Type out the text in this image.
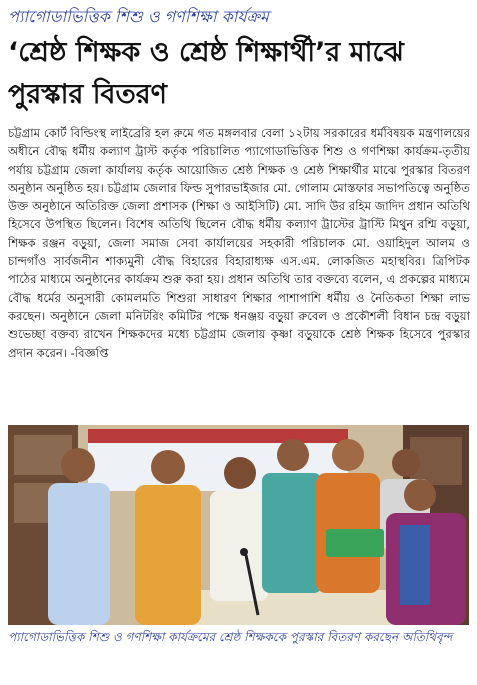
প্যাগোডাভিত্তিক শিশু ও গণশিক্ষা কার্যক্রম
‘শ্রেষ্ঠ শিক্ষক ও শ্রেষ্ঠ শিক্ষার্থী’র মাঝে পুরস্কার বিতরণ
চট্টগ্রাম কোর্ট বিল্ডিংস্থ লাইব্রেরি হল রুমে গত মঙ্গলবার বেলা ১২টায় সরকারের ধর্মবিষয়ক মন্ত্রণালয়ের অধীনে বৌদ্ধ ধর্মীয় কল্যাণ ট্রাস্ট কর্তৃক পরিচালিত প্যাগোডাভিত্তিক শিশু ও গণশিক্ষা কার্যক্রম-তৃতীয় পর্যায় চট্টগ্রাম জেলা কার্যালয় কর্তৃক আয়োজিত শ্রেষ্ঠ শিক্ষক ও শ্রেষ্ঠ শিক্ষার্থীর মাঝে পুরস্কার বিতরণ অনুষ্ঠান অনুষ্ঠিত হয়। চট্টগ্রাম জেলার ফিল্ড সুপারভাইজার মো. গোলাম মোস্তফার সভাপতিত্বে অনুষ্ঠিত উক্ত অনুষ্ঠানে অতিরিক্ত জেলা প্রশাসক (শিক্ষা ও আইসিটি) মো. সাদি উর রহিম জাদিদ প্রধান অতিথি হিসেবে উপস্থিত ছিলেন। বিশেষ অতিথি ছিলেন বৌদ্ধ ধর্মীয় কল্যাণ ট্রাস্টের ট্রাস্টি মিথুন রশ্মি বড়ুয়া, শিক্ষক রঞ্জন বড়ুয়া, জেলা সমাজ সেবা কার্যালয়ের সহকারী পরিচালক মো. ওয়াহিদুল আলম ও চান্দগাঁও সার্বজনীন শাক্যমুনী বৌদ্ধ বিহারের বিহারাধ্যক্ষ এস.এম. লোকজিত মহাস্থবির। ত্রিপিটক পাঠের মাধ্যমে অনুষ্ঠানের কার্যক্রম শুরু করা হয়। প্রধান অতিথি তার বক্তব্যে বলেন, এ প্রকল্পের মাধ্যমে বৌদ্ধ ধর্মের অনুসারী কোমলমতি শিশুরা সাধারণ শিক্ষার পাশাপাশি ধর্মীয় ও নৈতিকতা শিক্ষা লাভ করছেন। অনুষ্ঠানে জেলা মনিটরিং কমিটির পক্ষে ধনঞ্জয় বড়ুয়া রুবেল ও প্রকৌশলী বিধান চন্দ্র বড়ুয়া শুভেচ্ছা বক্তব্য রাখেন শিক্ষকদের মধ্যে চট্টগ্রাম জেলায় কৃষ্ণা বড়ুয়াকে শ্রেষ্ঠ শিক্ষক হিসেবে পুরস্কার প্রদান করেন। -বিজ্ঞপ্তি
প্যাগোডাভিত্তিক শিশু ও গণশিক্ষা কার্যক্রমের শ্রেষ্ঠ শিক্ষককে পুরস্কার বিতরণ করছেন অতিথিবৃন্দ
